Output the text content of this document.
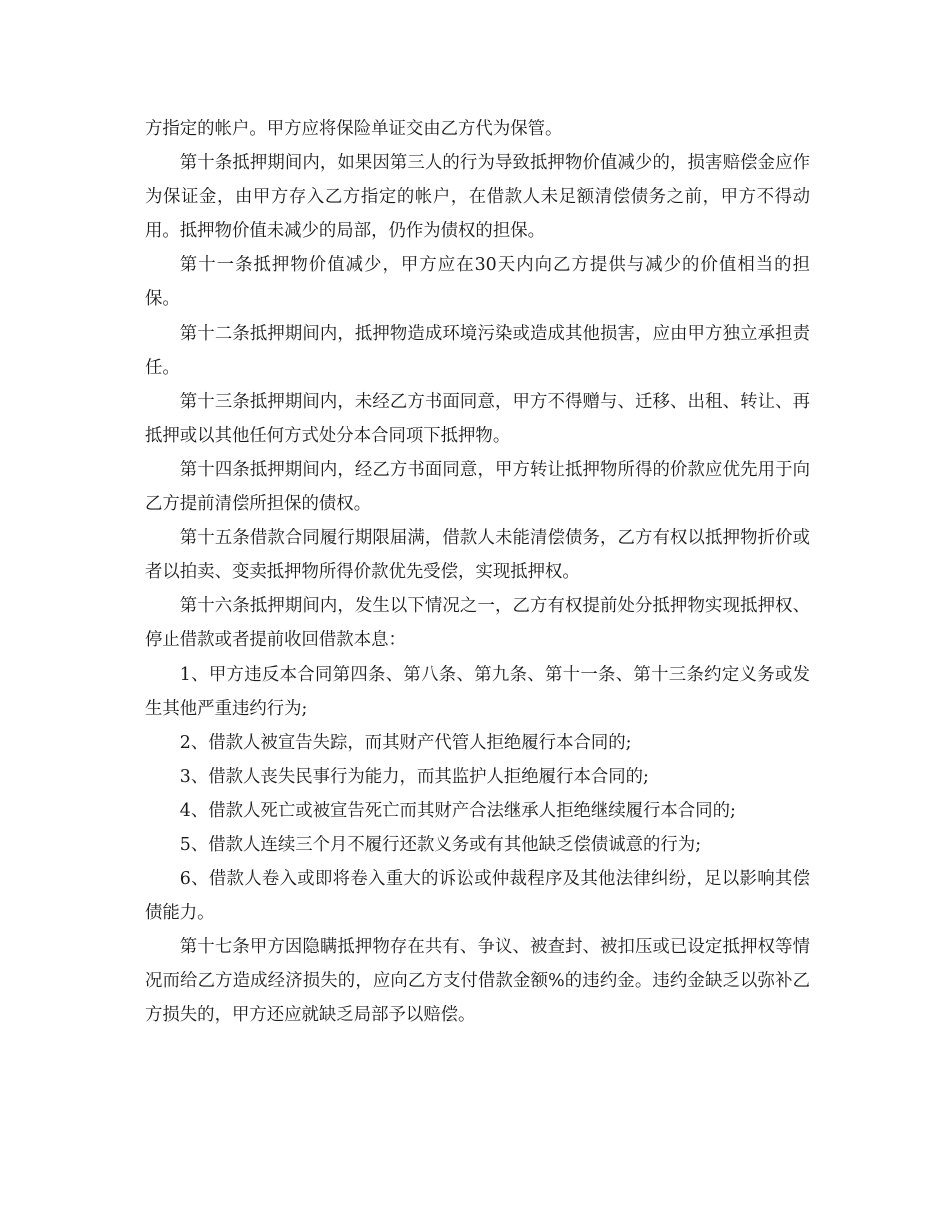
方指定的帐户。甲方应将保险单证交由乙方代为保管。

第十条抵押期间内，如果因第三人的行为导致抵押物价值减少的，损害赔偿金应作为保证金，由甲方存入乙方指定的帐户，在借款人未足额清偿债务之前，甲方不得动用。抵押物价值未减少的局部，仍作为债权的担保。

第十一条抵押物价值减少，甲方应在30天内向乙方提供与减少的价值相当的担保。

第十二条抵押期间内，抵押物造成环境污染或造成其他损害，应由甲方独立承担责任。

第十三条抵押期间内，未经乙方书面同意，甲方不得赠与、迁移、出租、转让、再抵押或以其他任何方式处分本合同项下抵押物。

第十四条抵押期间内，经乙方书面同意，甲方转让抵押物所得的价款应优先用于向乙方提前清偿所担保的债权。

第十五条借款合同履行期限届满，借款人未能清偿债务，乙方有权以抵押物折价或者以拍卖、变卖抵押物所得价款优先受偿，实现抵押权。

第十六条抵押期间内，发生以下情况之一，乙方有权提前处分抵押物实现抵押权、停止借款或者提前收回借款本息：

1、甲方违反本合同第四条、第八条、第九条、第十一条、第十三条约定义务或发生其他严重违约行为;

2、借款人被宣告失踪，而其财产代管人拒绝履行本合同的;

3、借款人丧失民事行为能力，而其监护人拒绝履行本合同的;

4、借款人死亡或被宣告死亡而其财产合法继承人拒绝继续履行本合同的;

5、借款人连续三个月不履行还款义务或有其他缺乏偿债诚意的行为;

6、借款人卷入或即将卷入重大的诉讼或仲裁程序及其他法律纠纷，足以影响其偿债能力。

第十七条甲方因隐瞒抵押物存在共有、争议、被查封、被扣压或已设定抵押权等情况而给乙方造成经济损失的，应向乙方支付借款金额%的违约金。违约金缺乏以弥补乙方损失的，甲方还应就缺乏局部予以赔偿。
